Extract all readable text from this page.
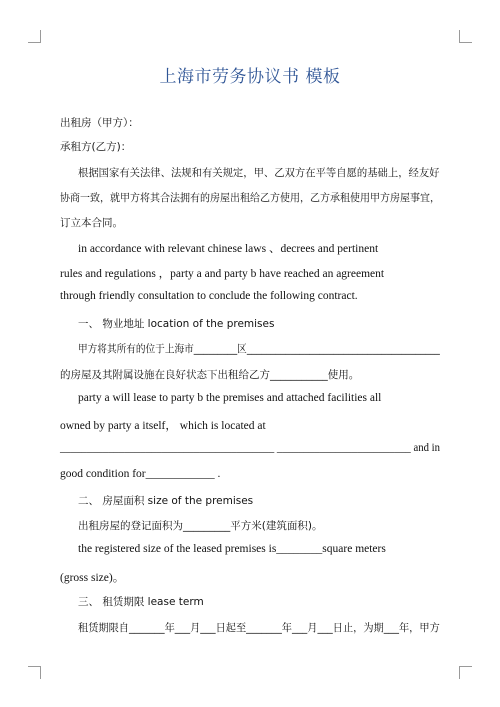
上海市劳务协议书 模板
出租房（甲方）：
承租方(乙方)：
根据国家有关法律、法规和有关规定，甲、乙双方在平等自愿的基础上，经友好
协商一致，就甲方将其合法拥有的房屋出租给乙方使用，乙方承租使用甲方房屋事宜，
订立本合同。
in accordance with relevant chinese laws 、decrees and pertinent
rules and regulations ，party a and party b have reached an agreement
through friendly consultation to conclude the following contract.
一、 物业地址 location of the premises
甲方将其所有的位于上海市_________区________________________________________
的房屋及其附属设施在良好状态下出租给乙方___________使用。
party a will lease to party b the premises and attached facilities all
owned by party a itself， which is located at
________________________________________ _________________________ and in
good condition for____________ .
二、 房屋面积 size of the premises
出租房屋的登记面积为_________平方米(建筑面积)。
the registered size of the leased premises is________square meters
(gross size)。
三、 租赁期限 lease term
租赁期限自_______年___月___日起至_______年___月___日止，为期___年，甲方
